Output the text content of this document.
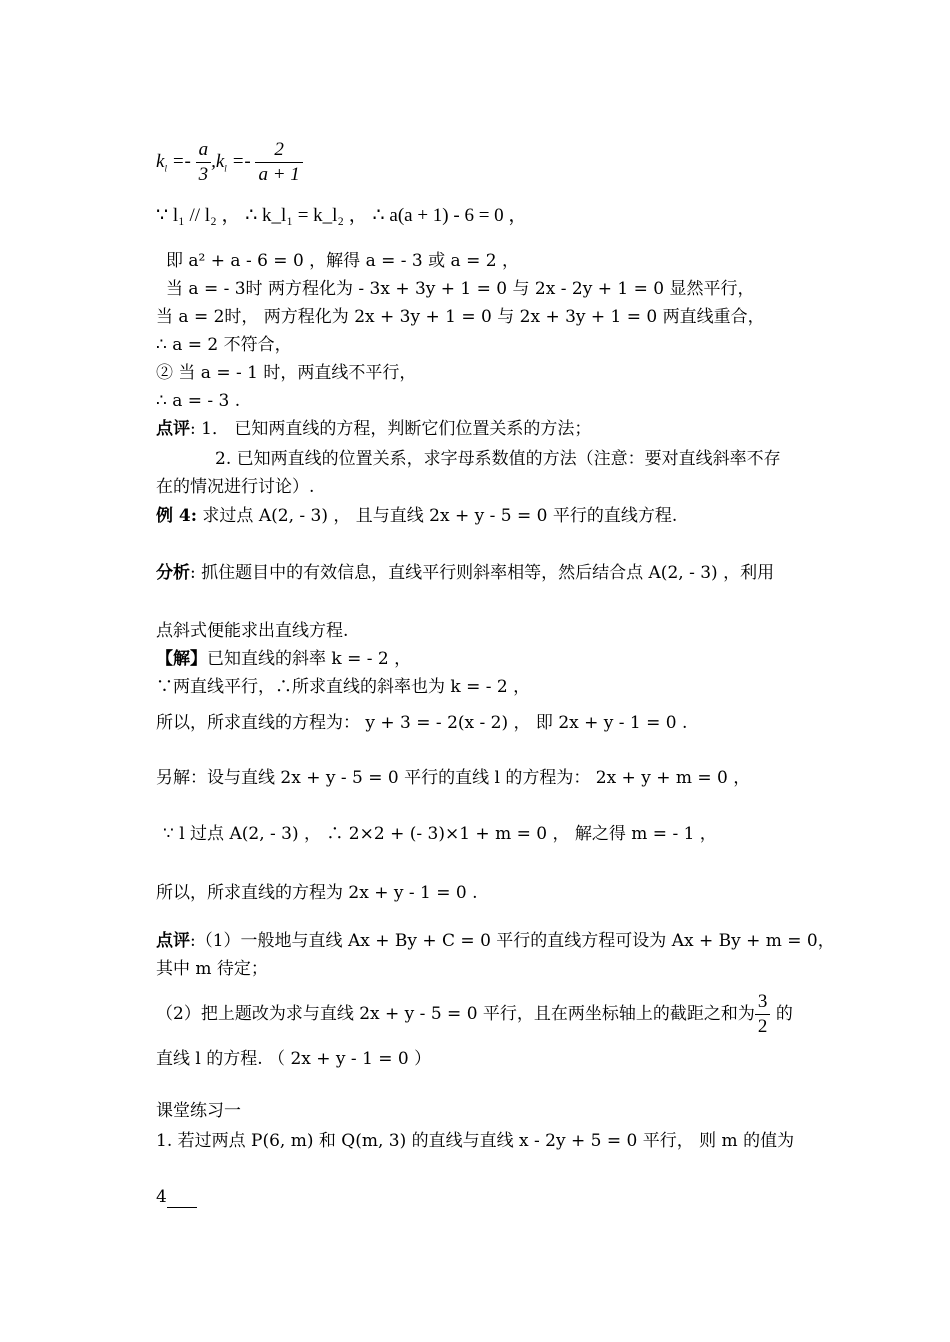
$k_l =- \frac{a}{3} ,k_l =- \frac{2}{a + 1}$
∵ l₁ // l₂ ， ∴ k_l₁ = k_l₂ ， ∴ a(a + 1) - 6 = 0 ，
即 a² + a - 6 = 0 ，解得 a = - 3 或 a = 2 ，
当 a = - 3时 两方程化为 - 3x + 3y + 1 = 0 与 2x - 2y + 1 = 0 显然平行，
当 a = 2时， 两方程化为 2x + 3y + 1 = 0 与 2x + 3y + 1 = 0 两直线重合，
∴ a = 2 不符合，
② 当 a = - 1 时，两直线不平行，
∴ a = - 3 .
点评: 1． 已知两直线的方程，判断它们位置关系的方法；
2. 已知两直线的位置关系，求字母系数值的方法（注意：要对直线斜率不存
在的情况进行讨论）.
例 4: 求过点 A(2, - 3) ， 且与直线 2x + y - 5 = 0 平行的直线方程.
分析: 抓住题目中的有效信息，直线平行则斜率相等，然后结合点 A(2, - 3) ，利用
点斜式便能求出直线方程.
【解】已知直线的斜率 k = - 2 ，
∵两直线平行，∴所求直线的斜率也为 k = - 2 ，
所以，所求直线的方程为： y + 3 = - 2(x - 2) ， 即 2x + y - 1 = 0 .
另解：设与直线 2x + y - 5 = 0 平行的直线 l 的方程为： 2x + y + m = 0 ，
∵ l 过点 A(2, - 3) ， ∴ 2×2 + (- 3)×1 + m = 0 ， 解之得 m = - 1 ，
所以，所求直线的方程为 2x + y - 1 = 0 .
点评:（1）一般地与直线 Ax + By + C = 0 平行的直线方程可设为 Ax + By + m = 0，
其中 m 待定；
（2）把上题改为求与直线 2x + y - 5 = 0 平行，且在两坐标轴上的截距之和为 $\frac{3}{2}$ 的
直线 l 的方程. （ 2x + y - 1 = 0 ）
课堂练习一
1. 若过两点 P(6, m) 和 Q(m, 3) 的直线与直线 x - 2y + 5 = 0 平行， 则 m 的值为
4
